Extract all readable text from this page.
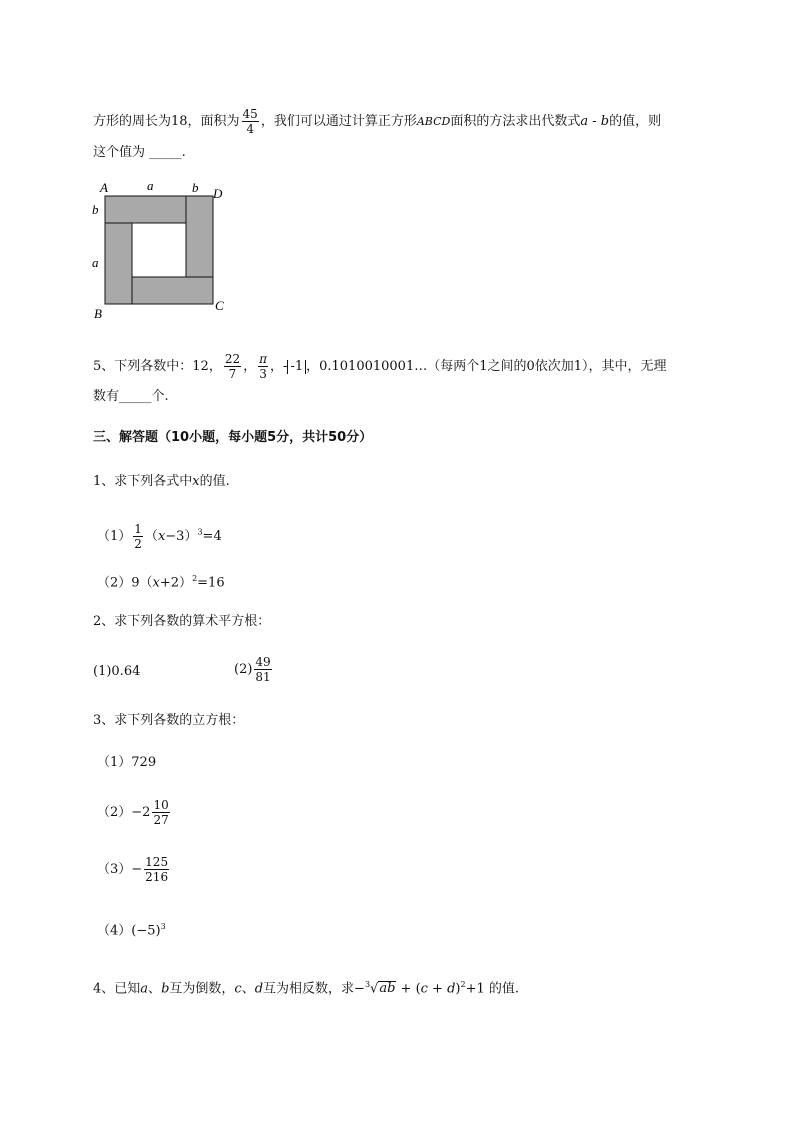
方形的周长为18，面积为 $\frac{45}{4}$ ，我们可以通过计算正方形ABCD面积的方法求出代数式a - b的值，则
这个值为 _____.
A	a	b D
b
a
B
C
5、下列各数中：12， $\frac{22}{7}$ ， $\frac{\pi}{3}$ ，- -1 ，0.1010010001…（每两个1之间的0依次加1），其中，无理
数有_____个.
三、解答题（10小题，每小题5分，共计50分）
1、求下列各式中x的值.
$(1) \frac{1}{2} (x-3)^3=4$
$(2)9(x+2)^2=16$
2、求下列各数的算术平方根：
(1)0.64	$(2) \frac{49}{81}$
3、求下列各数的立方根：
（1）729
$(2)-2 \frac{10}{27}$
$(3)- \frac{125}{216}$
$(4)(-5)^3$
4、已知a、b互为倒数，c、d互为相反数，求$-^3√ab + (c + d)^2+1$ 的值.
